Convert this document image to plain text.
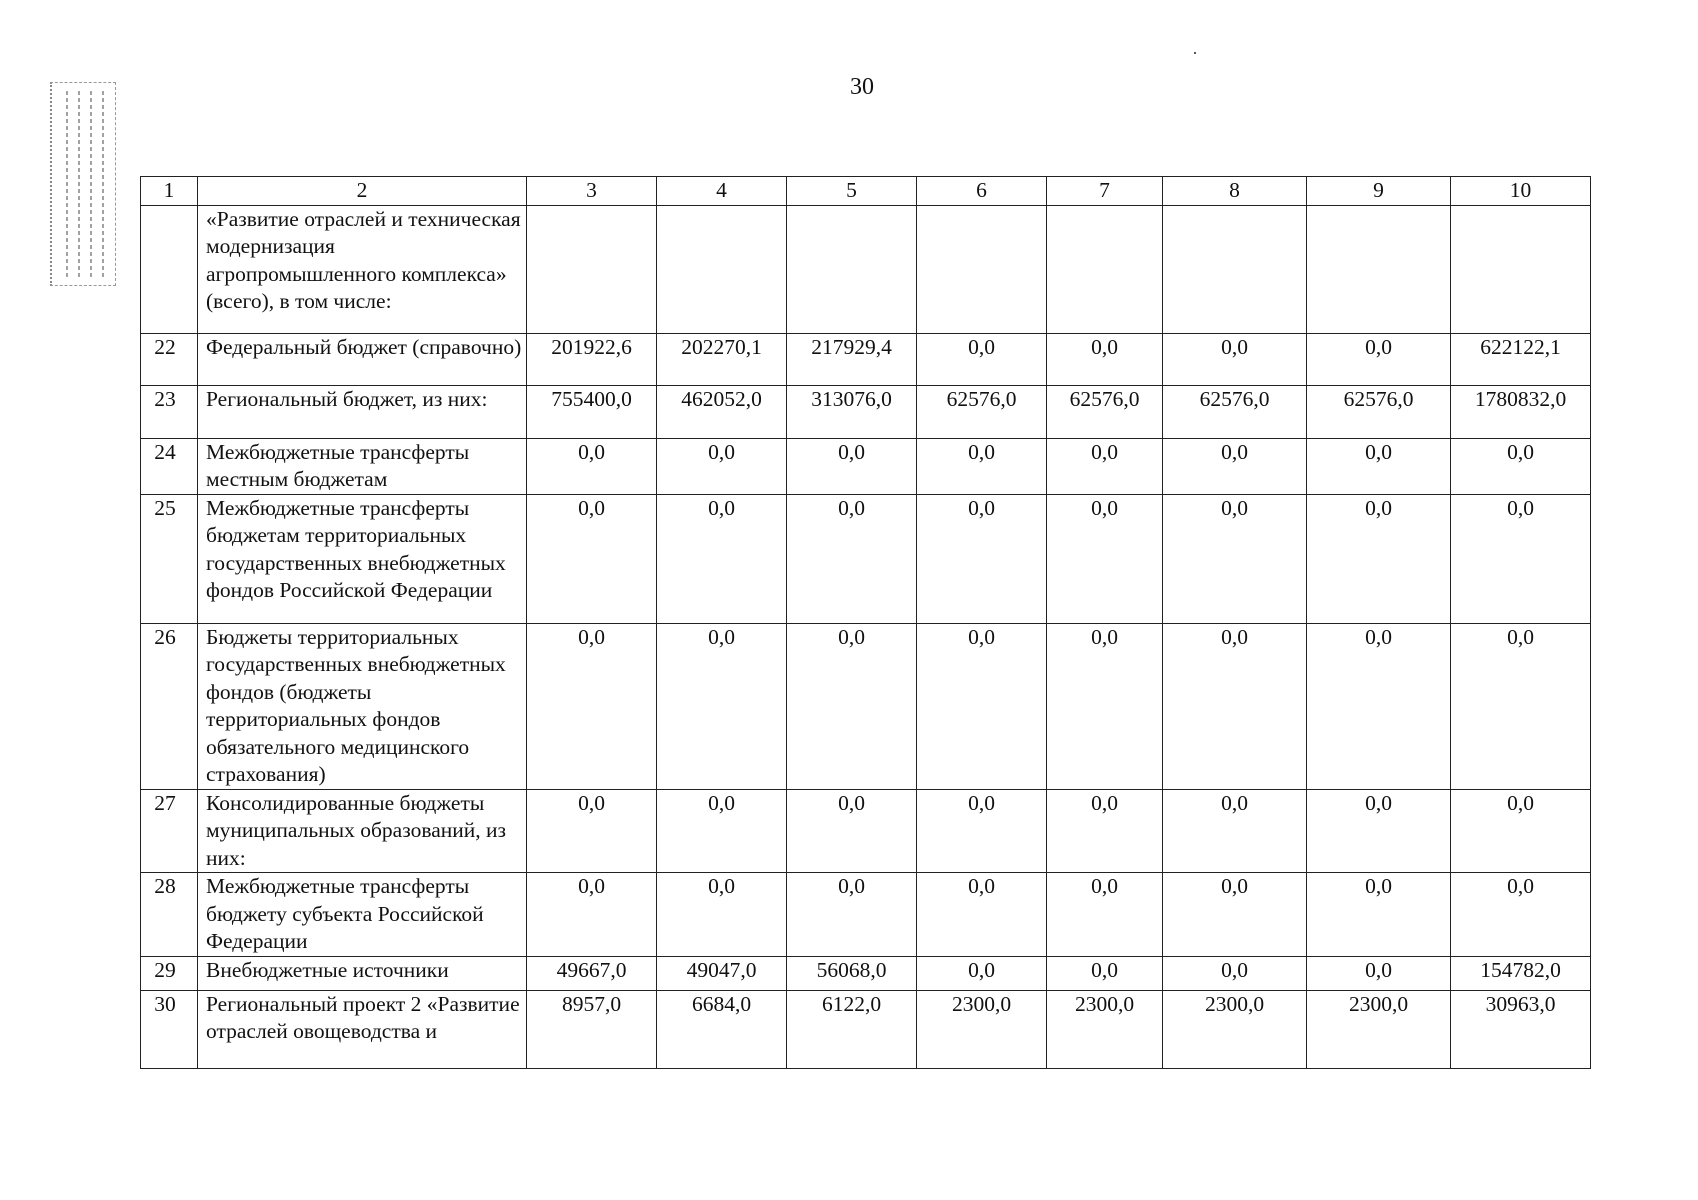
30
1	2	3	4	5	6	7	8	9	10
	«Развитие отраслей и техническая модернизация агропромышленного комплекса» (всего), в том числе:								
22	Федеральный бюджет (справочно)	201922,6	202270,1	217929,4	0,0	0,0	0,0	0,0	622122,1
23	Региональный бюджет, из них:	755400,0	462052,0	313076,0	62576,0	62576,0	62576,0	62576,0	1780832,0
24	Межбюджетные трансферты местным бюджетам	0,0	0,0	0,0	0,0	0,0	0,0	0,0	0,0
25	Межбюджетные трансферты бюджетам территориальных государственных внебюджетных фондов Российской Федерации	0,0	0,0	0,0	0,0	0,0	0,0	0,0	0,0
26	Бюджеты территориальных государственных внебюджетных фондов (бюджеты территориальных фондов обязательного медицинского страхования)	0,0	0,0	0,0	0,0	0,0	0,0	0,0	0,0
27	Консолидированные бюджеты муниципальных образований, из них:	0,0	0,0	0,0	0,0	0,0	0,0	0,0	0,0
28	Межбюджетные трансферты бюджету субъекта Российской Федерации	0,0	0,0	0,0	0,0	0,0	0,0	0,0	0,0
29	Внебюджетные источники	49667,0	49047,0	56068,0	0,0	0,0	0,0	0,0	154782,0
30	Региональный проект 2 «Развитие отраслей овощеводства и	8957,0	6684,0	6122,0	2300,0	2300,0	2300,0	2300,0	30963,0
